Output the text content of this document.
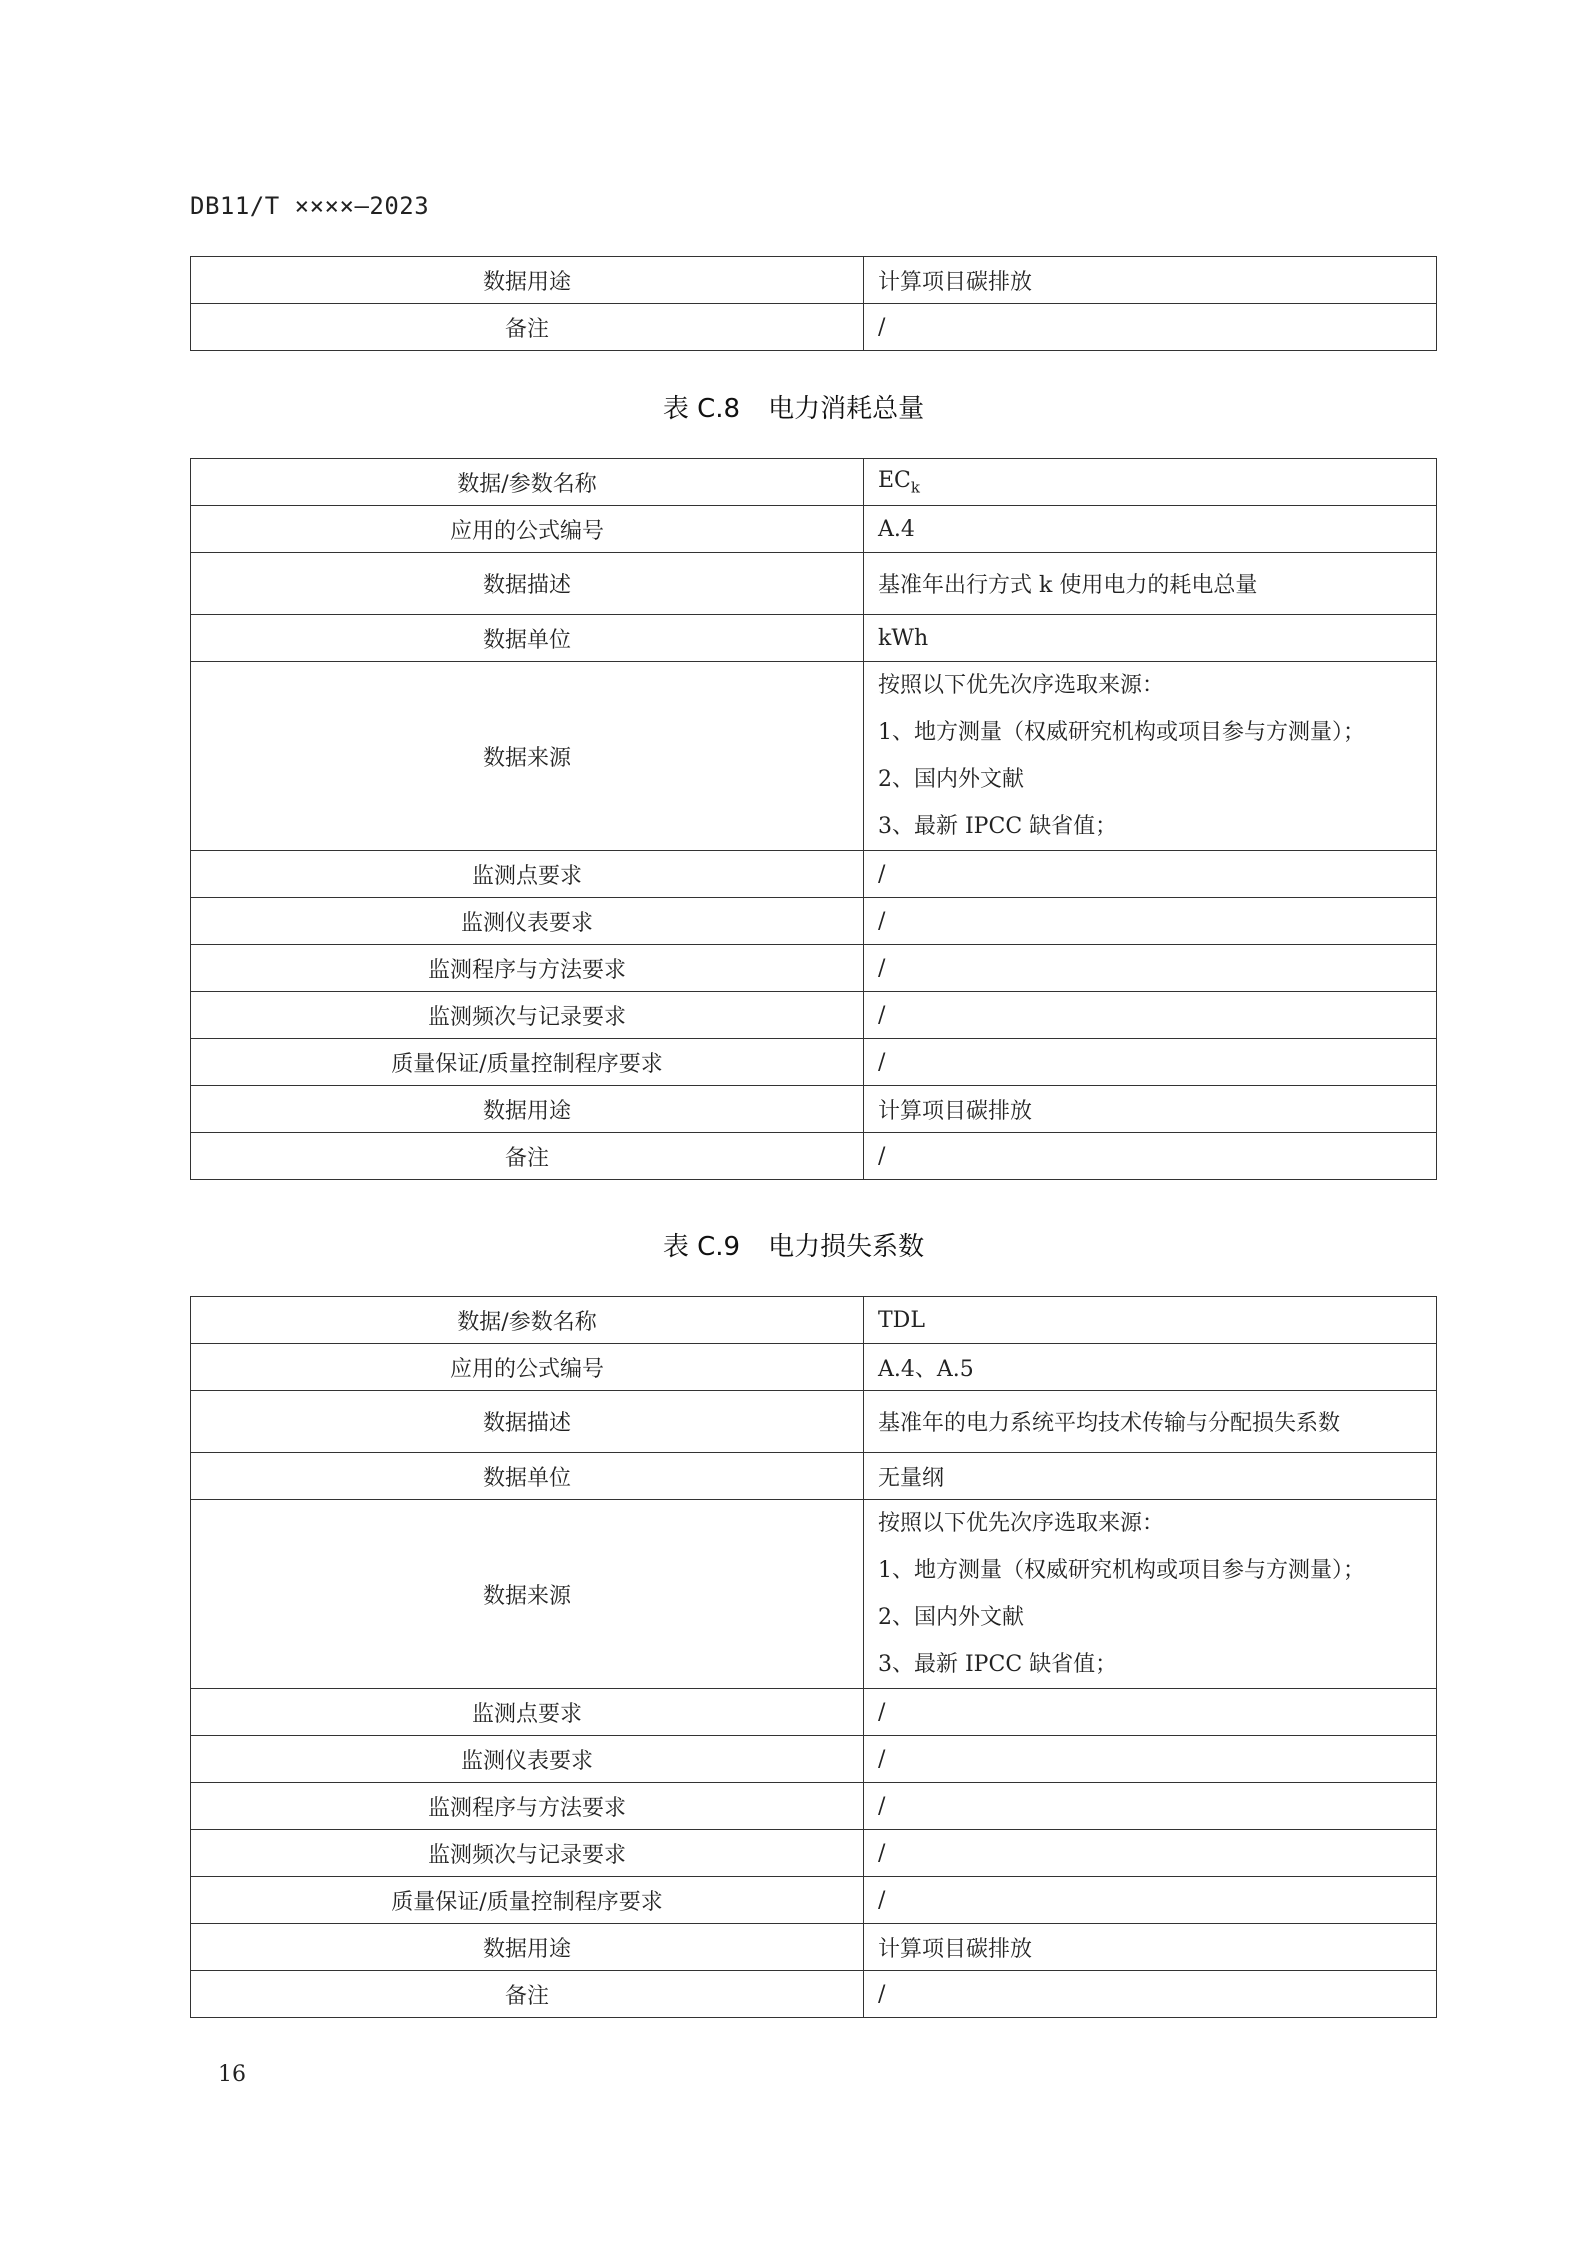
DB11/T ××××—2023
数据用途	计算项目碳排放
备注	/
表 C.8 电力消耗总量
数据/参数名称	$EC_k$
应用的公式编号	A.4
数据描述	基准年出行方式 k 使用电力的耗电总量
数据单位	kWh
数据来源	按照以下优先次序选取来源：
1、地方测量（权威研究机构或项目参与方测量）；
2、国内外文献
3、最新 IPCC 缺省值；

监测点要求	/
监测仪表要求	/
监测程序与方法要求	/
监测频次与记录要求	/
质量保证/质量控制程序要求	/
数据用途	计算项目碳排放
备注	/
表 C.9 电力损失系数
数据/参数名称	TDL
应用的公式编号	A.4、A.5
数据描述	基准年的电力系统平均技术传输与分配损失系数
数据单位	无量纲
数据来源	按照以下优先次序选取来源：
1、地方测量（权威研究机构或项目参与方测量）；
2、国内外文献
3、最新 IPCC 缺省值；

监测点要求	/
监测仪表要求	/
监测程序与方法要求	/
监测频次与记录要求	/
质量保证/质量控制程序要求	/
数据用途	计算项目碳排放
备注	/
16
